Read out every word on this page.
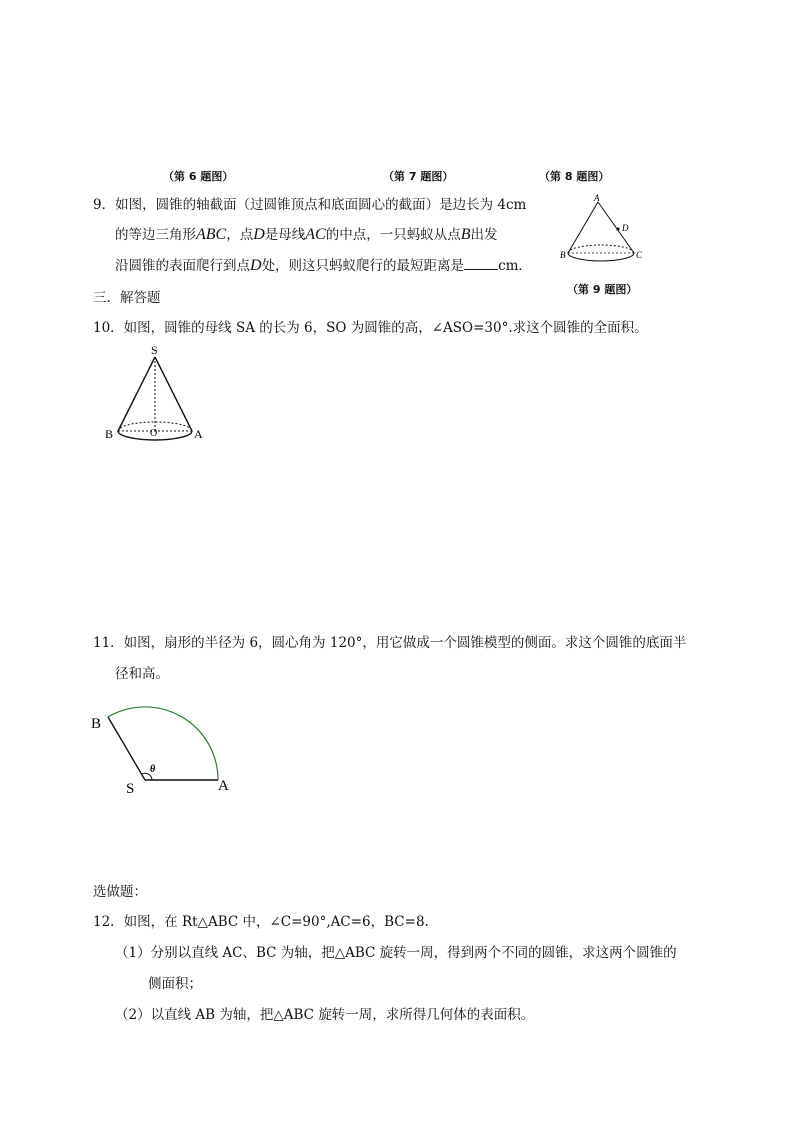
（第 6 题图）	（第 7 题图）	（第 8 题图）
9．如图，圆锥的轴截面（过圆锥顶点和底面圆心的截面）是边长为 4cm
的等边三角形ABC，点D是母线AC的中点，一只蚂蚁从点B出发
沿圆锥的表面爬行到点D处，则这只蚂蚁爬行的最短距离是	cm．
A
D
B	C
（第 9 题图）
三．解答题
10．如图，圆锥的母线 SA 的长为 6，SO 为圆锥的高，∠ASO=30°.求这个圆锥的全面积。
S
B	O	A
11．如图，扇形的半径为 6，圆心角为 120°，用它做成一个圆锥模型的侧面。求这个圆锥的底面半
径和高。
B
S	A
θ
选做题：
12．如图，在 Rt△ABC 中，∠C=90°,AC=6，BC=8.
（1）分别以直线 AC、BC 为轴，把△ABC 旋转一周，得到两个不同的圆锥，求这两个圆锥的
侧面积；
（2）以直线 AB 为轴，把△ABC 旋转一周，求所得几何体的表面积。
